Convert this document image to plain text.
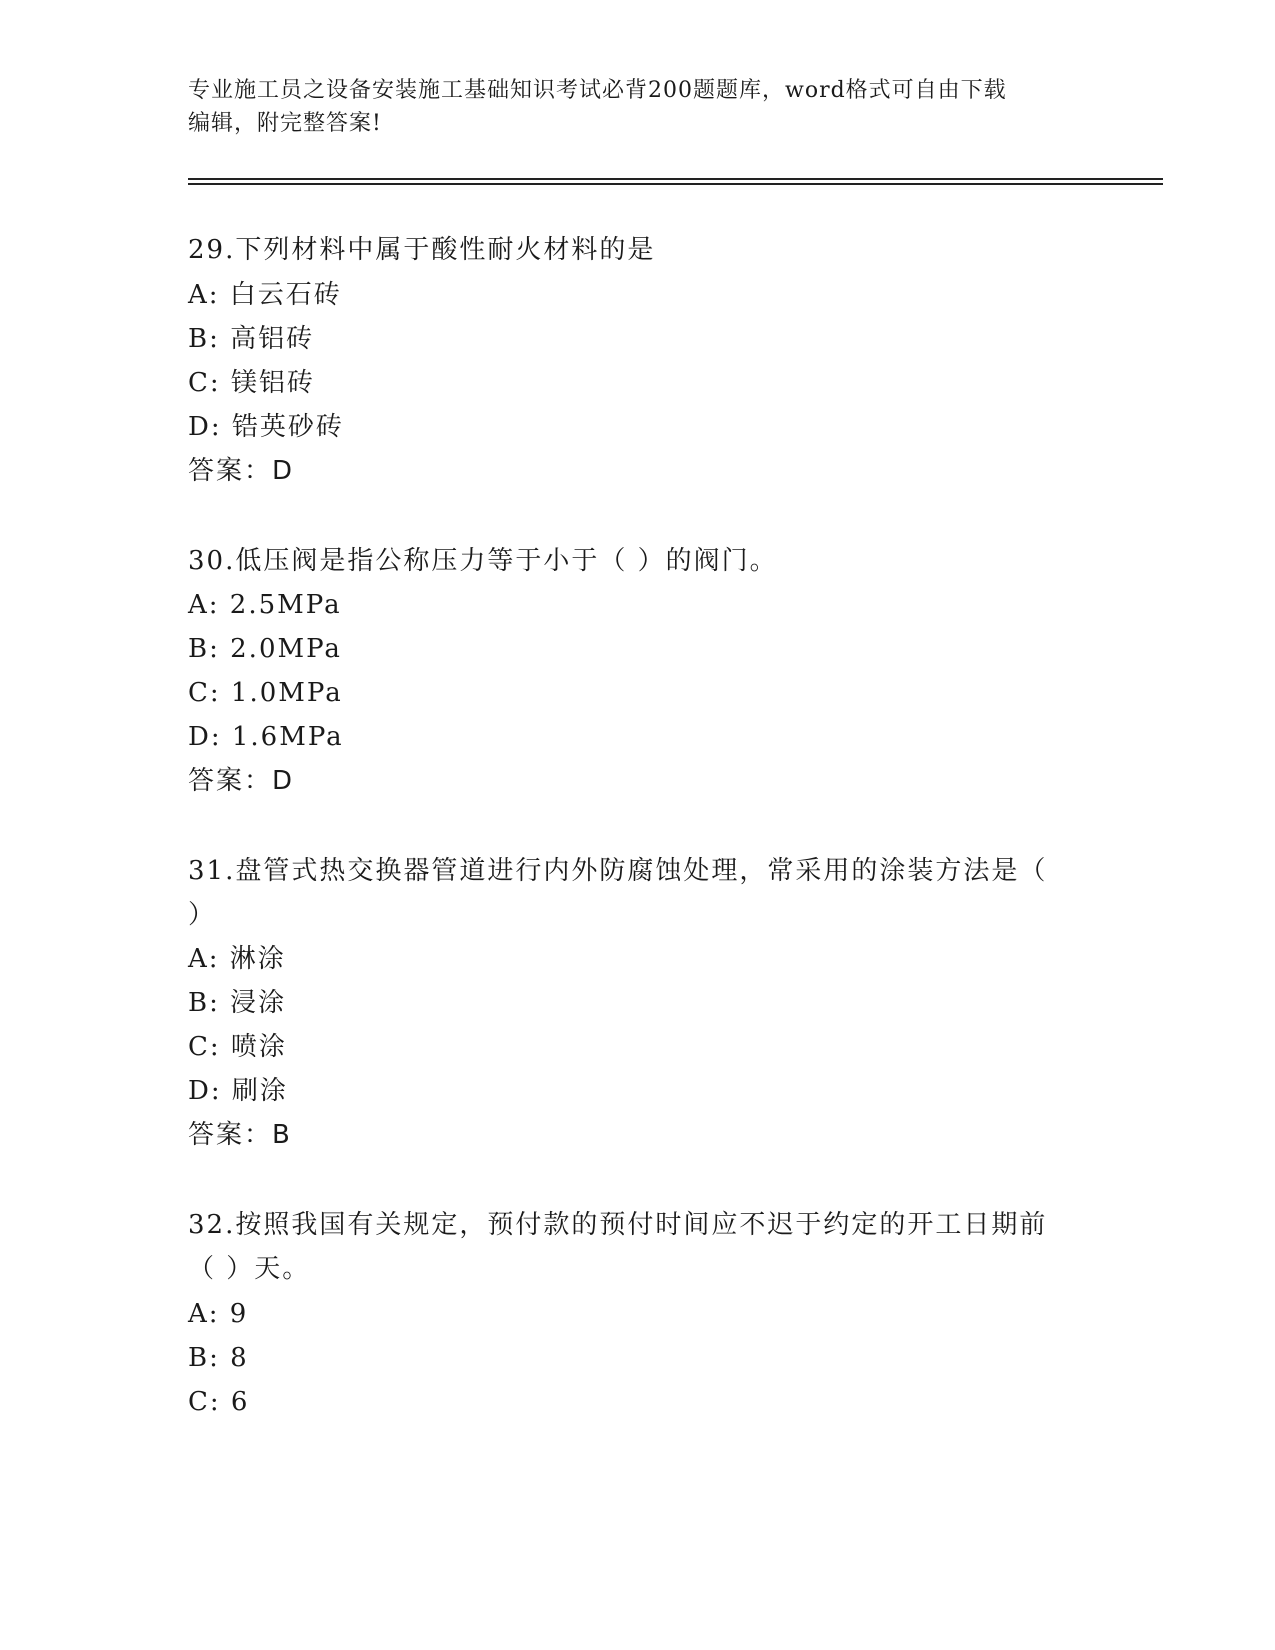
专业施工员之设备安装施工基础知识考试必背200题题库，word格式可自由下载
编辑，附完整答案!
29.下列材料中属于酸性耐火材料的是
A: 白云石砖
B: 高铝砖
C: 镁铝砖
D: 锆英砂砖
答案：D
30.低压阀是指公称压力等于小于（ ）的阀门。
A: 2.5MPa
B: 2.0MPa
C: 1.0MPa
D: 1.6MPa
答案：D
31.盘管式热交换器管道进行内外防腐蚀处理，常采用的涂装方法是（
）
A: 淋涂
B: 浸涂
C: 喷涂
D: 刷涂
答案：B
32.按照我国有关规定，预付款的预付时间应不迟于约定的开工日期前
（ ）天。
A: 9
B: 8
C: 6
